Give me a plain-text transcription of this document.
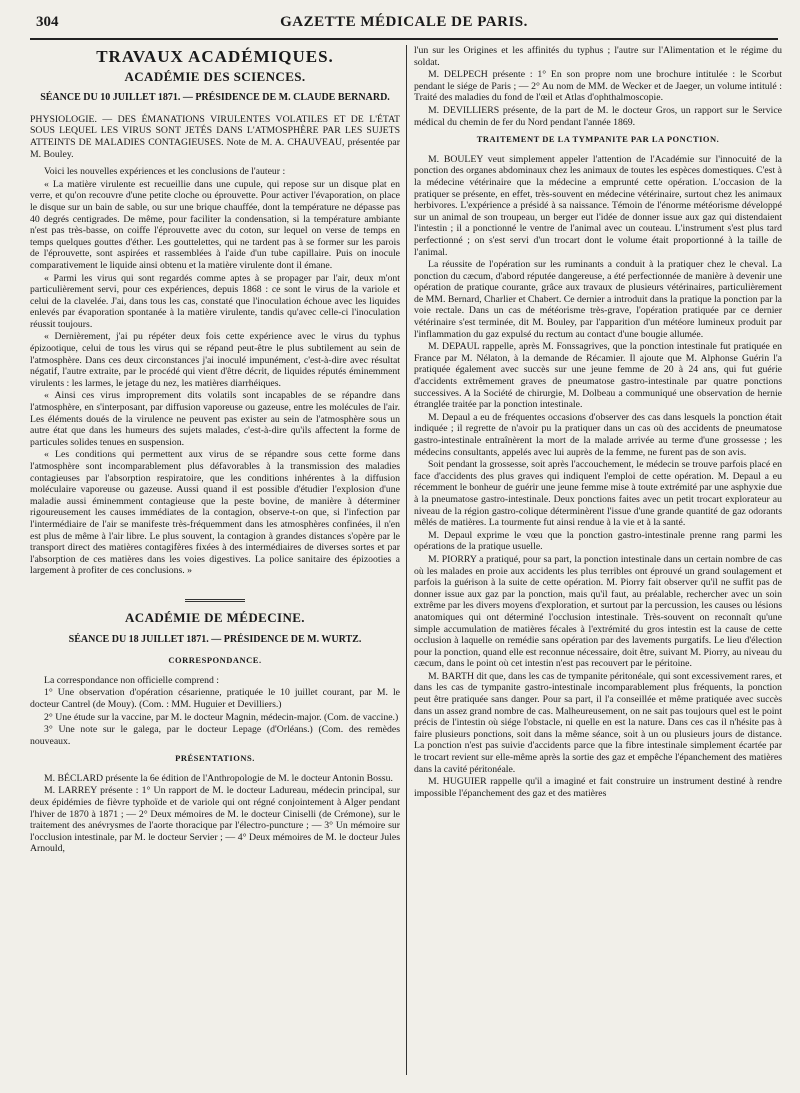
304	GAZETTE MÉDICALE DE PARIS.
TRAVAUX ACADÉMIQUES.
ACADÉMIE DES SCIENCES.
SÉANCE DU 10 JUILLET 1871. — PRÉSIDENCE DE M. CLAUDE BERNARD.

PHYSIOLOGIE. — DES ÉMANATIONS VIRULENTES VOLATILES ET DE L'ÉTAT SOUS LEQUEL LES VIRUS SONT JETÉS DANS L'ATMOSPHÈRE PAR LES SUJETS ATTEINTS DE MALADIES CONTAGIEUSES. Note de M. A. CHAUVEAU, présentée par M. Bouley.

Voici les nouvelles expériences et les conclusions de l'auteur :

« La matière virulente est recueillie dans une cupule, qui repose sur un disque plat en verre, et qu'on recouvre d'une petite cloche ou éprouvette. Pour activer l'évaporation, on place le disque sur un bain de sable, ou sur une brique chauffée, dont la température ne dépasse pas 40 degrés centigrades. De même, pour faciliter la condensation, si la température ambiante n'est pas très-basse, on coiffe l'éprouvette avec du coton, sur lequel on verse de temps en temps quelques gouttes d'éther. Les gouttelettes, qui ne tardent pas à se former sur les parois de l'éprouvette, sont aspirées et rassemblées à l'aide d'un tube capillaire. Puis on inocule comparativement le liquide ainsi obtenu et la matière virulente dont il émane.

« Parmi les virus qui sont regardés comme aptes à se propager par l'air, deux m'ont particulièrement servi, pour ces expériences, depuis 1868 : ce sont le virus de la variole et celui de la clavelée. J'ai, dans tous les cas, constaté que l'inoculation échoue avec les liquides enlevés par évaporation spontanée à la matière virulente, tandis qu'avec celle-ci l'inoculation réussit toujours.

« Dernièrement, j'ai pu répéter deux fois cette expérience avec le virus du typhus épizootique, celui de tous les virus qui se répand peut-être le plus subtilement au sein de l'atmosphère. Dans ces deux circonstances j'ai inoculé impunément, c'est-à-dire avec résultat négatif, l'autre extraite, par le procédé qui vient d'être décrit, de liquides réputés éminemment virulents : les larmes, le jetage du nez, les matières diarrhéiques.

« Ainsi ces virus improprement dits volatils sont incapables de se répandre dans l'atmosphère, en s'interposant, par diffusion vaporeuse ou gazeuse, entre les molécules de l'air. Les éléments doués de la virulence ne peuvent pas exister au sein de l'atmosphère sous un autre état que dans les humeurs des sujets malades, c'est-à-dire qu'ils affectent la forme de particules solides tenues en suspension.

« Les conditions qui permettent aux virus de se répandre sous cette forme dans l'atmosphère sont incomparablement plus défavorables à la transmission des maladies contagieuses par l'absorption respiratoire, que les conditions inhérentes à la diffusion moléculaire vaporeuse ou gazeuse. Aussi quand il est possible d'étudier l'explosion d'une maladie aussi éminemment contagieuse que la peste bovine, de manière à déterminer rigoureusement les causes immédiates de la contagion, observe-t-on que, si l'infection par l'intermédiaire de l'air se manifeste très-fréquemment dans les atmosphères confinées, il n'en est plus de même à l'air libre. Le plus souvent, la contagion à grandes distances s'opère par le transport direct des matières contagifères fixées à des intermédiaires de diverses sortes et par l'absorption de ces matières dans les voies digestives. La police sanitaire des épizooties a largement à profiter de ces conclusions. »

ACADÉMIE DE MÉDECINE.
SÉANCE DU 18 JUILLET 1871. — PRÉSIDENCE DE M. WURTZ.
CORRESPONDANCE.

La correspondance non officielle comprend :

1° Une observation d'opération césarienne, pratiquée le 10 juillet courant, par M. le docteur Cantrel (de Mouy). (Com. : MM. Huguier et Devilliers.)

2° Une étude sur la vaccine, par M. le docteur Magnin, médecin-major. (Com. de vaccine.)

3° Une note sur le galega, par le docteur Lepage (d'Orléans.) (Com. des remèdes nouveaux.

PRÉSENTATIONS.

M. BÉCLARD présente la 6e édition de l'Anthropologie de M. le docteur Antonin Bossu.

M. LARREY présente : 1° Un rapport de M. le docteur Ladureau, médecin principal, sur deux épidémies de fièvre typhoïde et de variole qui ont régné conjointement à Alger pendant l'hiver de 1870 à 1871 ; — 2° Deux mémoires de M. le docteur Ciniselli (de Crémone), sur le traitement des anévrysmes de l'aorte thoracique par l'électro-puncture ; — 3° Un mémoire sur l'occlusion intestinale, par M. le docteur Servier ; — 4° Deux mémoires de M. le docteur Jules Arnould,

l'un sur les Origines et les affinités du typhus ; l'autre sur l'Alimentation et le régime du soldat.

M. DELPECH présente : 1° En son propre nom une brochure intitulée : le Scorbut pendant le siége de Paris ; — 2° Au nom de MM. de Wecker et de Jaeger, un volume intitulé : Traité des maladies du fond de l'œil et Atlas d'ophthalmoscopie.

M. DEVILLIERS présente, de la part de M. le docteur Gros, un rapport sur le Service médical du chemin de fer du Nord pendant l'année 1869.

TRAITEMENT DE LA TYMPANITE PAR LA PONCTION.

M. BOULEY veut simplement appeler l'attention de l'Académie sur l'innocuité de la ponction des organes abdominaux chez les animaux de toutes les espèces domestiques. C'est à la médecine vétérinaire que la médecine a emprunté cette opération. L'occasion de la pratiquer se présente, en effet, très-souvent en médecine vétérinaire, surtout chez les animaux herbivores. L'expérience a présidé à sa naissance. Témoin de l'énorme météorisme développé sur un animal de son troupeau, un berger eut l'idée de donner issue aux gaz qui distendaient l'intestin ; il a ponctionné le ventre de l'animal avec un couteau. L'instrument s'est plus tard perfectionné ; on s'est servi d'un trocart dont le volume était proportionné à la taille de l'animal.

La réussite de l'opération sur les ruminants a conduit à la pratiquer chez le cheval. La ponction du cæcum, d'abord réputée dangereuse, a été perfectionnée de manière à devenir une opération de pratique courante, grâce aux travaux de plusieurs vétérinaires, particulièrement de MM. Bernard, Charlier et Chabert. Ce dernier a introduit dans la pratique la ponction par la voie rectale. Dans un cas de météorisme très-grave, l'opération pratiquée par ce dernier vétérinaire s'est terminée, dit M. Bouley, par l'apparition d'un météore lumineux produit par l'inflammation du gaz expulsé du rectum au contact d'une bougie allumée.

M. DEPAUL rappelle, après M. Fonssagrives, que la ponction intestinale fut pratiquée en France par M. Nélaton, à la demande de Récamier. Il ajoute que M. Alphonse Guérin l'a pratiquée également avec succès sur une jeune femme de 20 à 24 ans, qui fut guérie d'accidents extrêmement graves de pneumatose gastro-intestinale par quatre ponctions successives. A la Société de chirurgie, M. Dolbeau a communiqué une observation de hernie étranglée traitée par la ponction intestinale.

M. Depaul a eu de fréquentes occasions d'observer des cas dans lesquels la ponction était indiquée ; il regrette de n'avoir pu la pratiquer dans un cas où des accidents de pneumatose gastro-intestinale entraînèrent la mort de la malade arrivée au terme d'une grossesse ; les médecins consultants, appelés avec lui auprès de la femme, ne furent pas de son avis.

Soit pendant la grossesse, soit après l'accouchement, le médecin se trouve parfois placé en face d'accidents des plus graves qui indiquent l'emploi de cette opération. M. Depaul a eu récemment le bonheur de guérir une jeune femme mise à toute extrémité par une asphyxie due à la pneumatose gastro-intestinale. Deux ponctions faites avec un petit trocart explorateur au niveau de la région gastro-colique déterminèrent l'issue d'une grande quantité de gaz odorants mêlés de matières. La tourmente fut ainsi rendue à la vie et à la santé.

M. Depaul exprime le vœu que la ponction gastro-intestinale prenne rang parmi les opérations de la pratique usuelle.

M. PIORRY a pratiqué, pour sa part, la ponction intestinale dans un certain nombre de cas où les malades en proie aux accidents les plus terribles ont éprouvé un grand soulagement et parfois la guérison à la suite de cette opération. M. Piorry fait observer qu'il ne suffit pas de donner issue aux gaz par la ponction, mais qu'il faut, au préalable, rechercher avec un soin extrême par les divers moyens d'exploration, et surtout par la percussion, les causes ou lésions anatomiques qui ont déterminé l'occlusion intestinale. Très-souvent on reconnaît qu'une simple accumulation de matières fécales à l'extrémité du gros intestin est la cause de cette occlusion à laquelle on remédie sans opération par des lavements purgatifs. Le lieu d'élection pour la ponction, quand elle est reconnue nécessaire, doit être, suivant M. Piorry, au niveau du cæcum, dans le point où cet intestin n'est pas recouvert par le péritoine.

M. BARTH dit que, dans les cas de tympanite péritonéale, qui sont excessivement rares, et dans les cas de tympanite gastro-intestinale incomparablement plus fréquents, la ponction peut être pratiquée sans danger. Pour sa part, il l'a conseillée et même pratiquée avec succès dans un assez grand nombre de cas. Malheureusement, on ne sait pas toujours quel est le point précis de l'intestin où siége l'obstacle, ni quelle en est la nature. Dans ces cas il n'hésite pas à faire plusieurs ponctions, soit dans la même séance, soit à un ou plusieurs jours de distance. La ponction n'est pas suivie d'accidents parce que la fibre intestinale simplement écartée par le trocart revient sur elle-même après la sortie des gaz et empêche l'épanchement des matières dans la cavité péritonéale.

M. HUGUIER rappelle qu'il a imaginé et fait construire un instrument destiné à rendre impossible l'épanchement des gaz et des matières
